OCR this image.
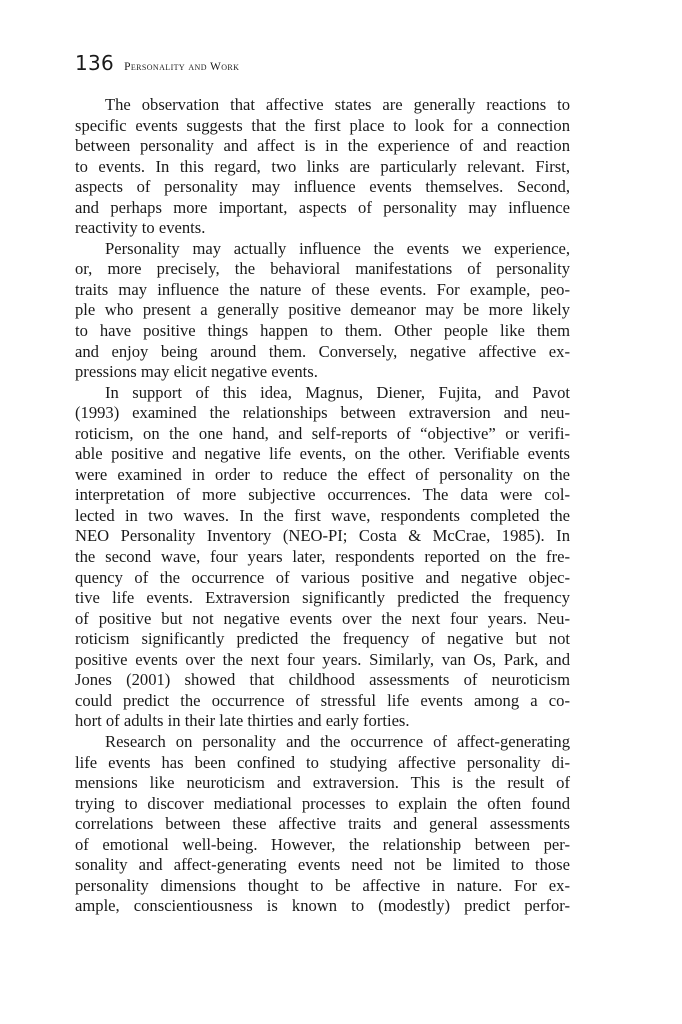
136 Personality and Work
The observation that affective states are generally reactions to
specific events suggests that the first place to look for a connection
between personality and affect is in the experience of and reaction
to events. In this regard, two links are particularly relevant. First,
aspects of personality may influence events themselves. Second,
and perhaps more important, aspects of personality may influence
reactivity to events.
Personality may actually influence the events we experience,
or, more precisely, the behavioral manifestations of personality
traits may influence the nature of these events. For example, peo-
ple who present a generally positive demeanor may be more likely
to have positive things happen to them. Other people like them
and enjoy being around them. Conversely, negative affective ex-
pressions may elicit negative events.
In support of this idea, Magnus, Diener, Fujita, and Pavot
(1993) examined the relationships between extraversion and neu-
roticism, on the one hand, and self-reports of “objective” or verifi-
able positive and negative life events, on the other. Verifiable events
were examined in order to reduce the effect of personality on the
interpretation of more subjective occurrences. The data were col-
lected in two waves. In the first wave, respondents completed the
NEO Personality Inventory (NEO-PI; Costa & McCrae, 1985). In
the second wave, four years later, respondents reported on the fre-
quency of the occurrence of various positive and negative objec-
tive life events. Extraversion significantly predicted the frequency
of positive but not negative events over the next four years. Neu-
roticism significantly predicted the frequency of negative but not
positive events over the next four years. Similarly, van Os, Park, and
Jones (2001) showed that childhood assessments of neuroticism
could predict the occurrence of stressful life events among a co-
hort of adults in their late thirties and early forties.
Research on personality and the occurrence of affect-generating
life events has been confined to studying affective personality di-
mensions like neuroticism and extraversion. This is the result of
trying to discover mediational processes to explain the often found
correlations between these affective traits and general assessments
of emotional well-being. However, the relationship between per-
sonality and affect-generating events need not be limited to those
personality dimensions thought to be affective in nature. For ex-
ample, conscientiousness is known to (modestly) predict perfor-
